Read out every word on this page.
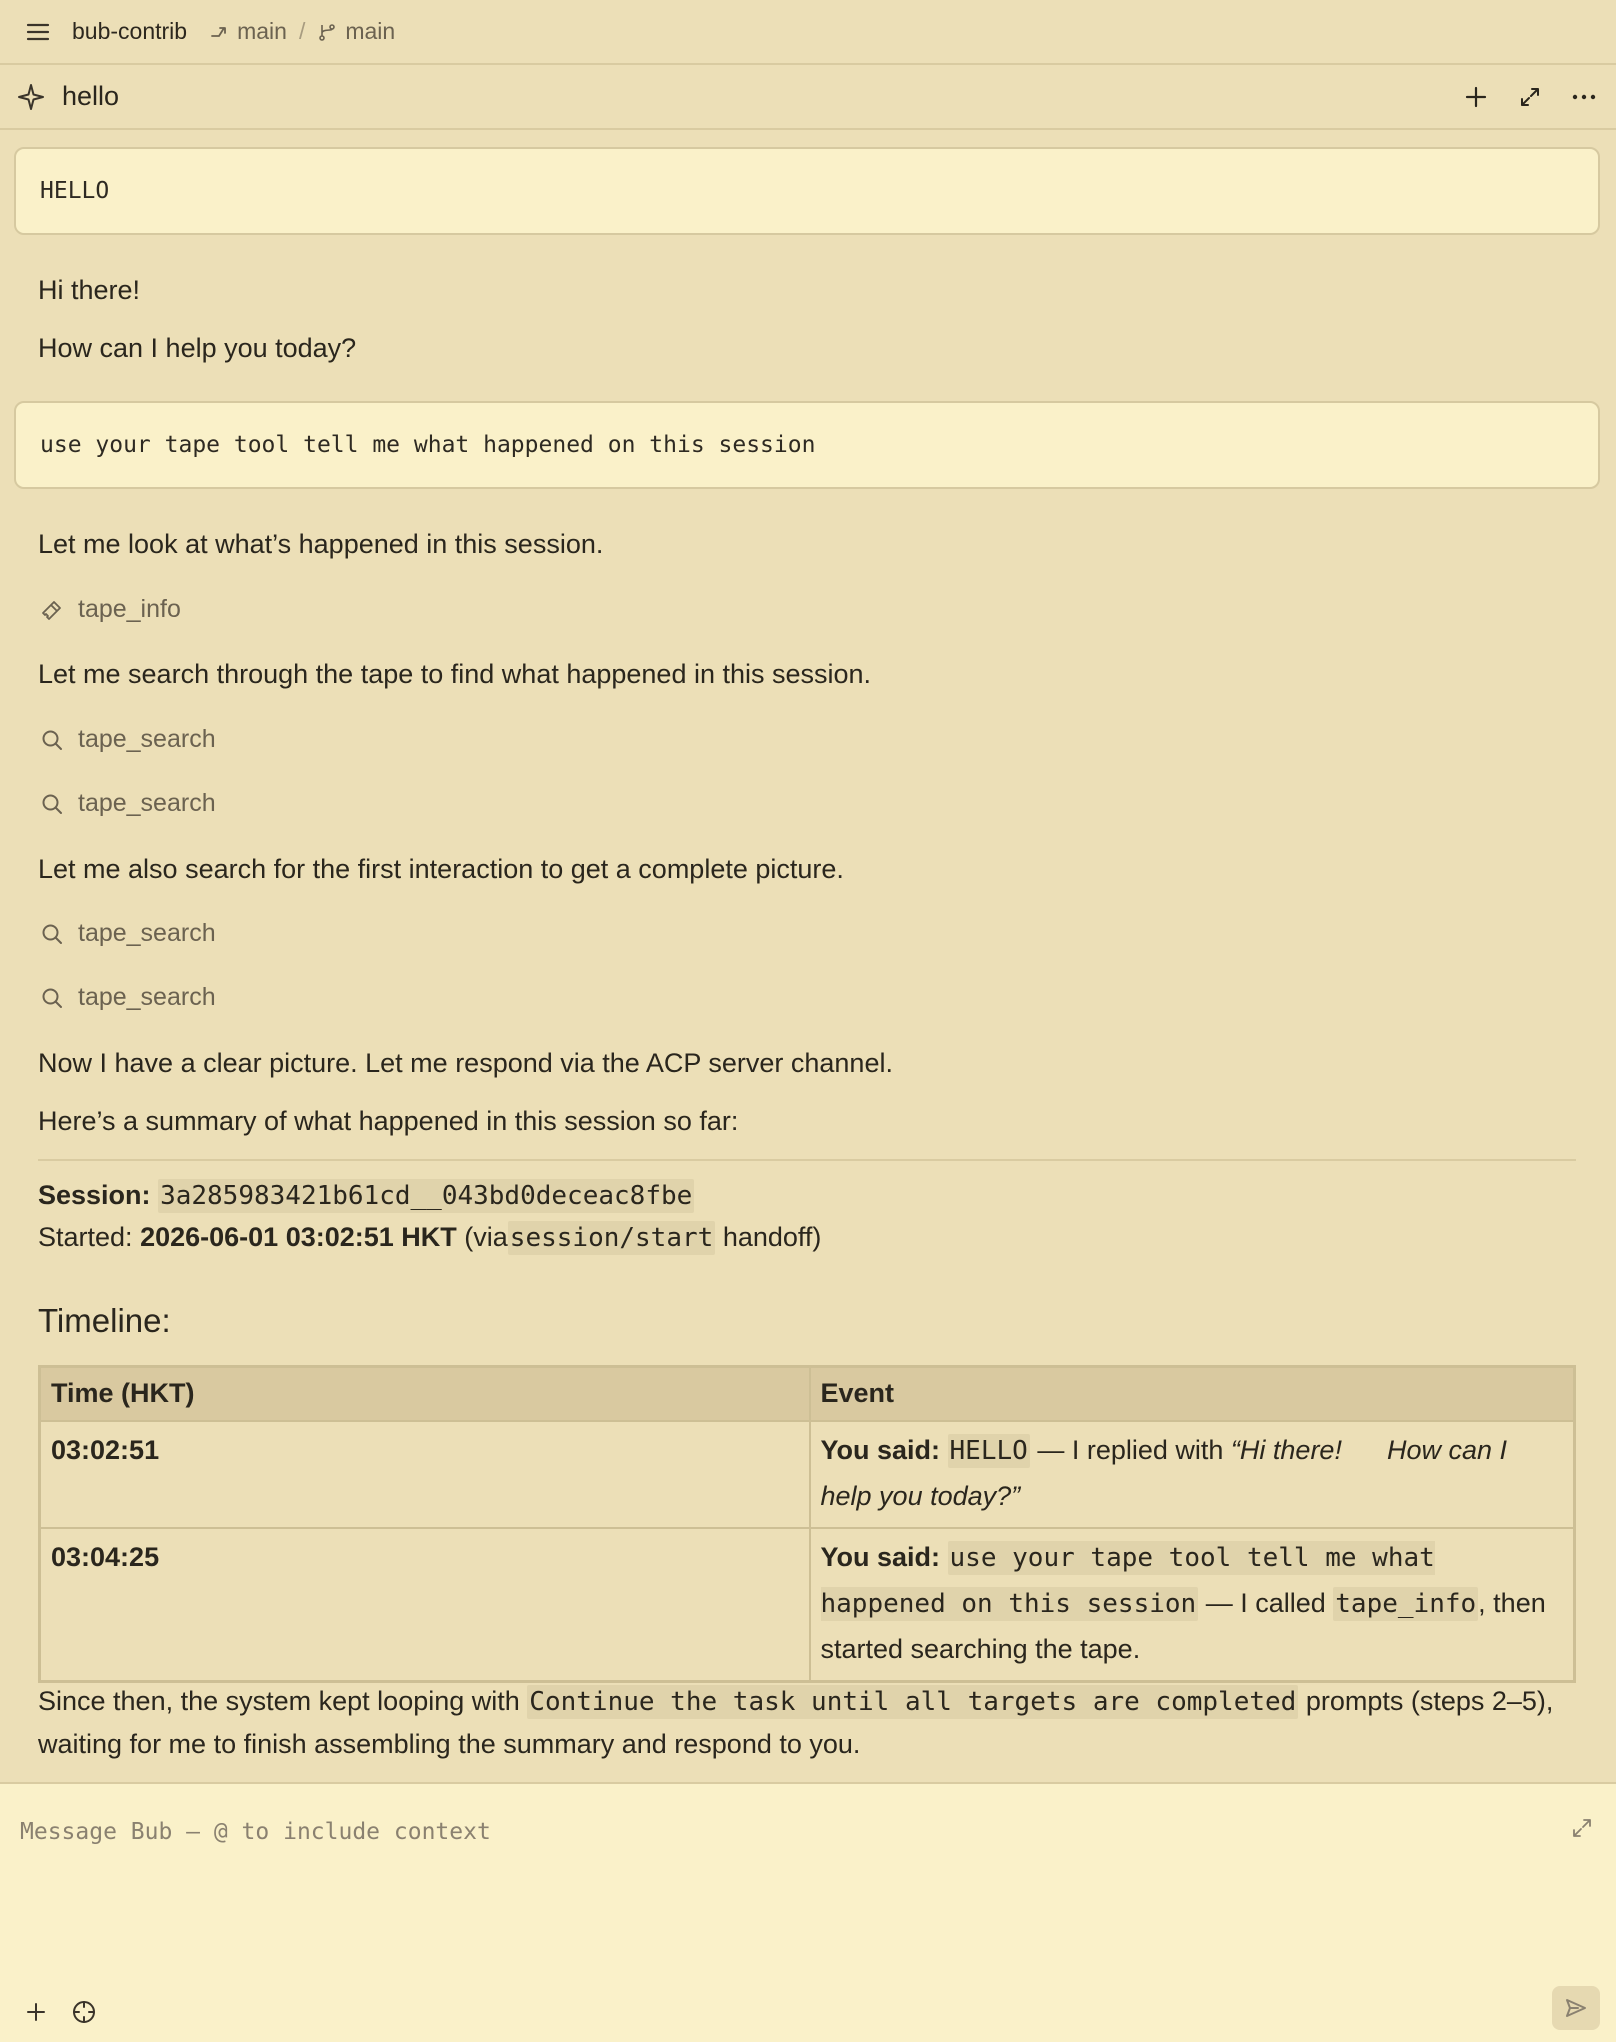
bub-contrib main / main
hello
HELLO
Hi there!
How can I help you today?
use your tape tool tell me what happened on this session
Let me look at what’s happened in this session.
tape_info
Let me search through the tape to find what happened in this session.
tape_search
tape_search
Let me also search for the first interaction to get a complete picture.
tape_search
tape_search
Now I have a clear picture. Let me respond via the ACP server channel.
Here’s a summary of what happened in this session so far:
Session: 3a285983421b61cd__043bd0deceac8fbe
Started: 2026-06-01 03:02:51 HKT (viasession/start handoff)
Timeline:
Time (HKT)	Event
03:02:51	You said: HELLO — I replied with “Hi there!      How can I help you today?”
03:04:25	You said: use your tape tool tell me what happened on this session — I called tape_info, then started searching the tape.
Since then, the system kept looping with Continue the task until all targets are completed prompts (steps 2–5), waiting for me to finish assembling the summary and respond to you.
Message Bub — @ to include context
